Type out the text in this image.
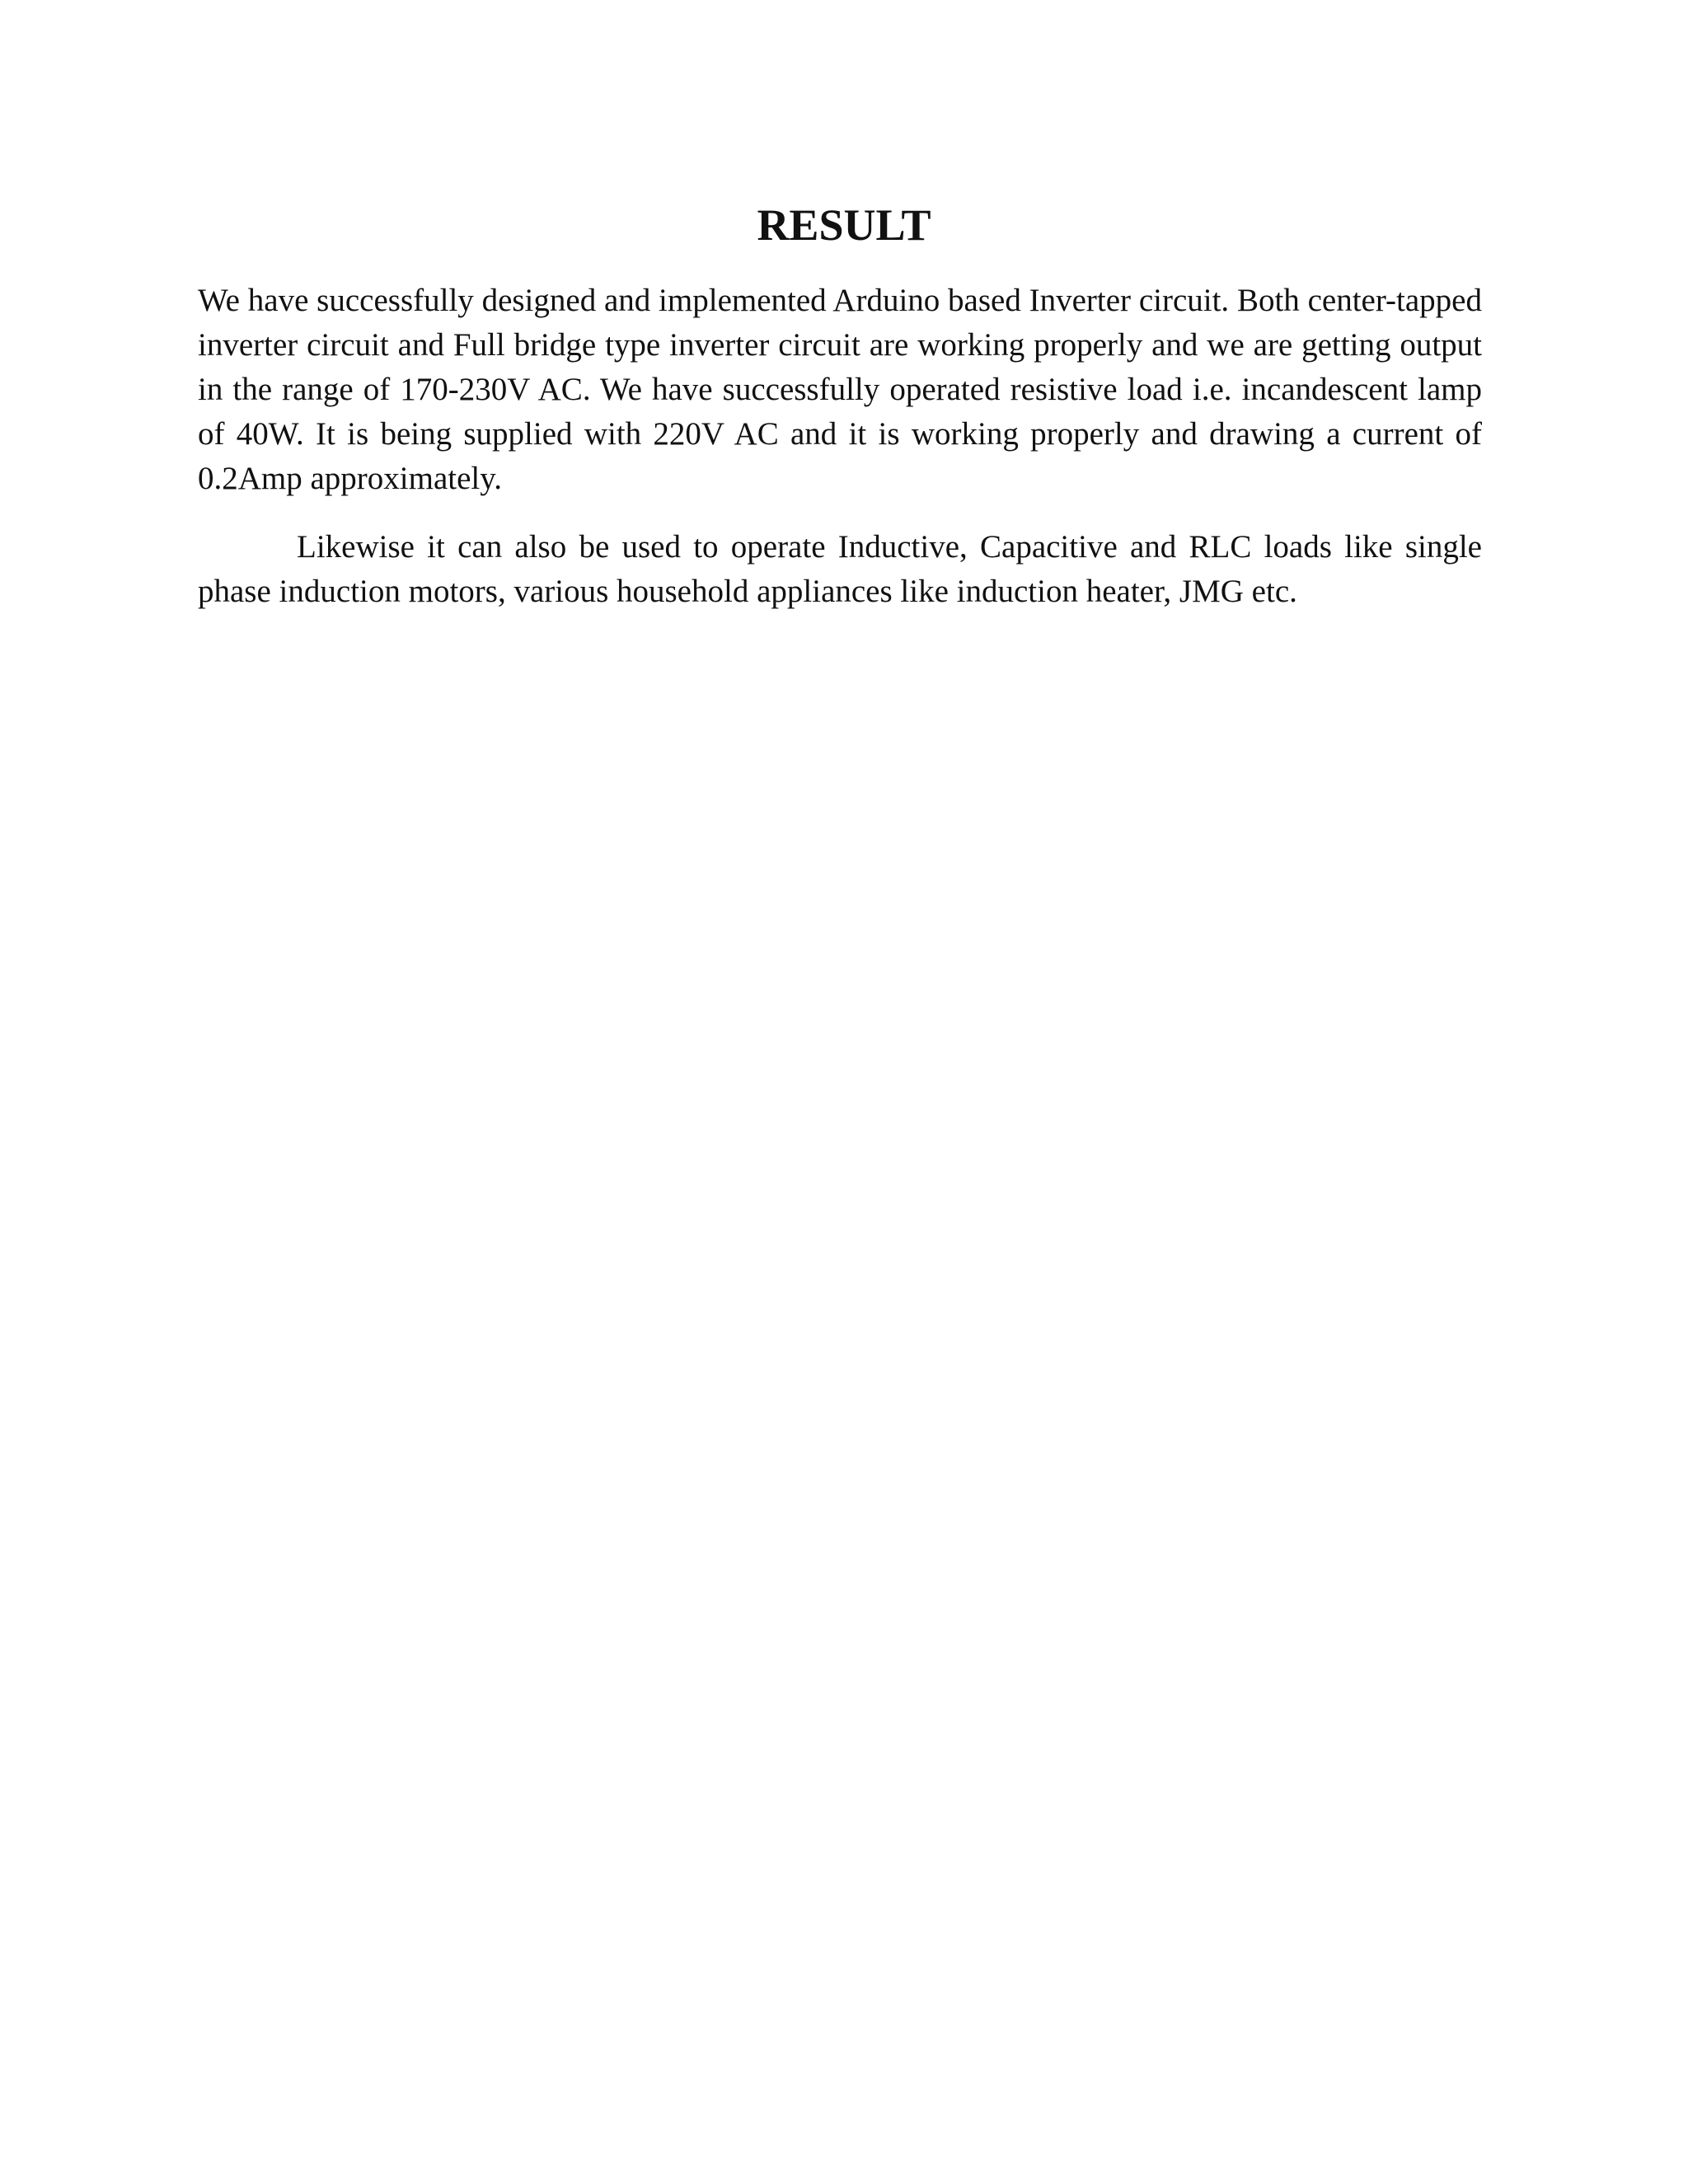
RESULT

We have successfully designed and implemented Arduino based Inverter circuit. Both center-tapped inverter circuit and Full bridge type inverter circuit are working properly and we are getting output in the range of 170-230V AC. We have successfully operated resistive load i.e. incandescent lamp of 40W. It is being supplied with 220V AC and it is working properly and drawing a current of 0.2Amp approximately.

Likewise it can also be used to operate Inductive, Capacitive and RLC loads like single phase induction motors, various household appliances like induction heater, JMG etc.
